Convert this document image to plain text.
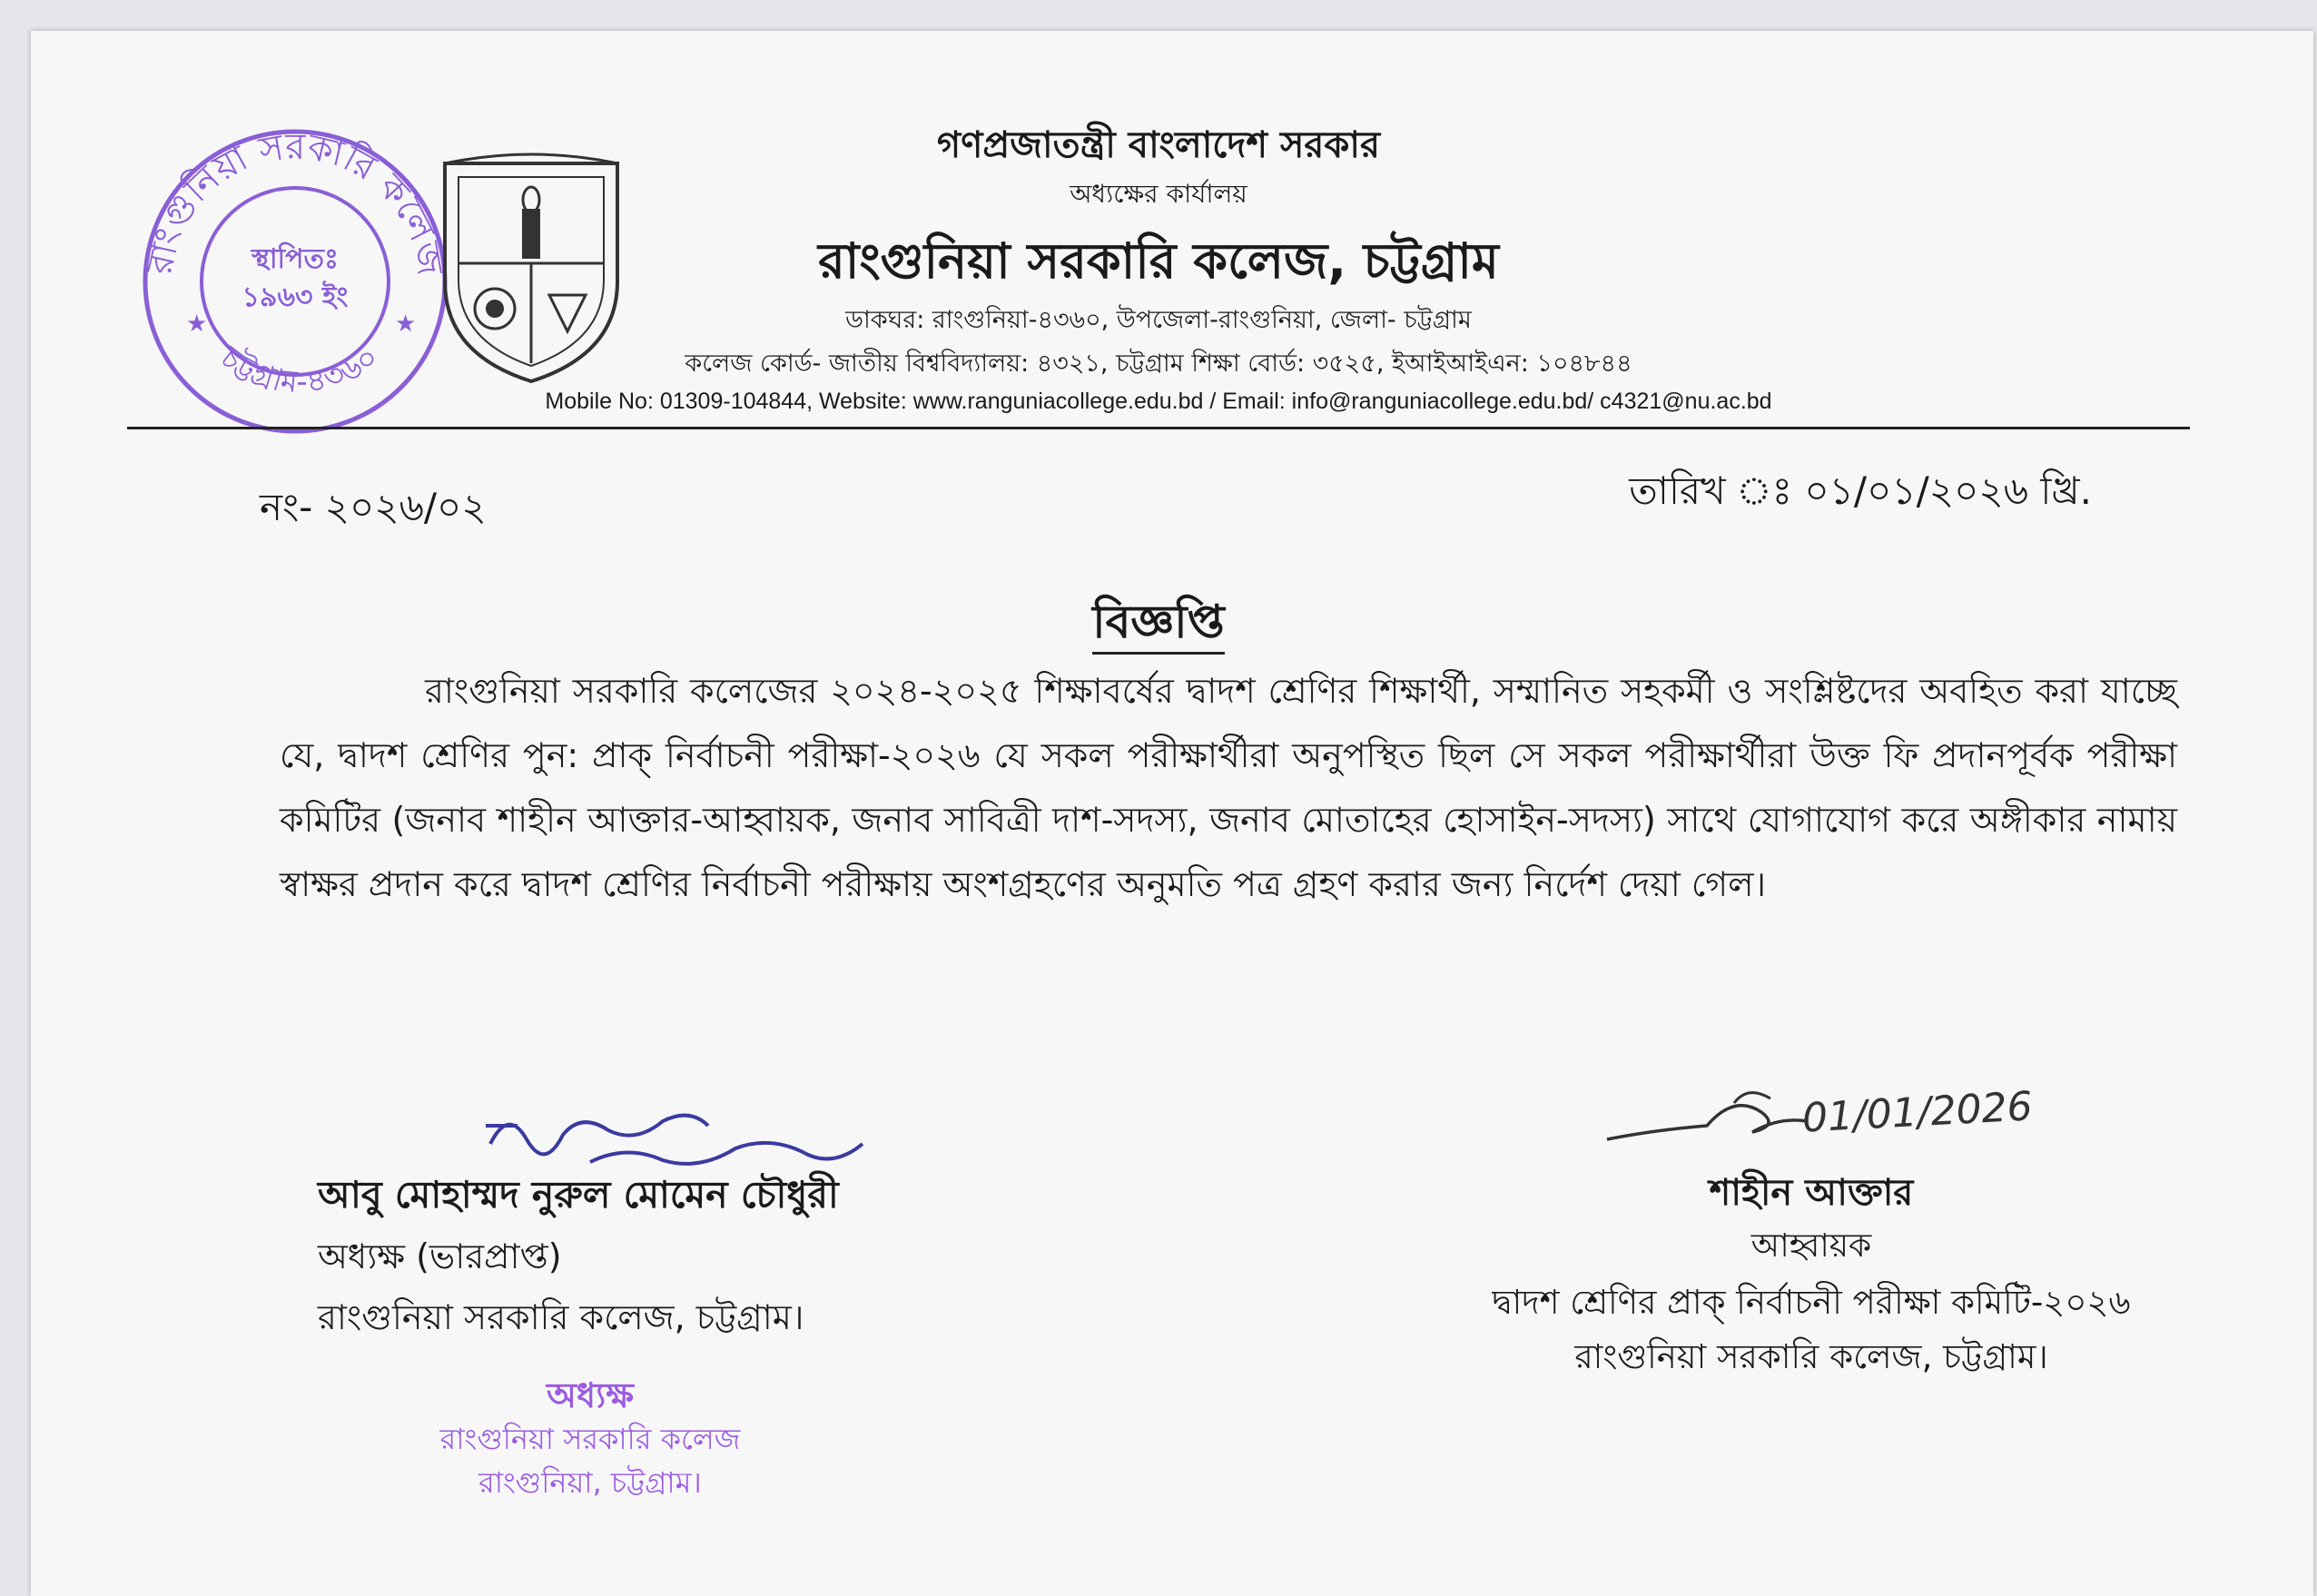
রাংগুনিয়া সরকারি কলেজ
চট্টগ্রাম-৪৩৬০
স্থাপিতঃ
১৯৬৩ ইং
★	★
গণপ্রজাতন্ত্রী বাংলাদেশ সরকার
অধ্যক্ষের কার্যালয়
রাংগুনিয়া সরকারি কলেজ, চট্টগ্রাম
ডাকঘর: রাংগুনিয়া-৪৩৬০, উপজেলা-রাংগুনিয়া, জেলা- চট্টগ্রাম
কলেজ কোর্ড- জাতীয় বিশ্ববিদ্যালয়: ৪৩২১, চট্টগ্রাম শিক্ষা বোর্ড: ৩৫২৫, ইআইআইএন: ১০৪৮৪৪
Mobile No: 01309-104844, Website: www.ranguniacollege.edu.bd / Email: info@ranguniacollege.edu.bd/ c4321@nu.ac.bd
নং- ২০২৬/০২	তারিখ ঃ ০১/০১/২০২৬ খ্রি.
বিজ্ঞপ্তি
রাংগুনিয়া সরকারি কলেজের ২০২৪-২০২৫ শিক্ষাবর্ষের দ্বাদশ শ্রেণির শিক্ষার্থী, সম্মানিত সহকর্মী ও সংশ্লিষ্টদের অবহিত করা যাচ্ছে যে, দ্বাদশ শ্রেণির পুন: প্রাক্ নির্বাচনী পরীক্ষা-২০২৬ যে সকল পরীক্ষার্থীরা অনুপস্থিত ছিল সে সকল পরীক্ষার্থীরা উক্ত ফি প্রদানপূর্বক পরীক্ষা কমিটির (জনাব শাহীন আক্তার-আহ্বায়ক, জনাব সাবিত্রী দাশ-সদস্য, জনাব মোতাহের হোসাইন-সদস্য) সাথে যোগাযোগ করে অঙ্গীকার নামায় স্বাক্ষর প্রদান করে দ্বাদশ শ্রেণির নির্বাচনী পরীক্ষায় অংশগ্রহণের অনুমতি পত্র গ্রহণ করার জন্য নির্দেশ দেয়া গেল।
আবু মোহাম্মদ নুরুল মোমেন চৌধুরী
অধ্যক্ষ (ভারপ্রাপ্ত)
রাংগুনিয়া সরকারি কলেজ, চট্টগ্রাম।
অধ্যক্ষ
রাংগুনিয়া সরকারি কলেজ
রাংগুনিয়া, চট্টগ্রাম।
01/01/2026
শাহীন আক্তার
আহ্বায়ক
দ্বাদশ শ্রেণির প্রাক্ নির্বাচনী পরীক্ষা কমিটি-২০২৬
রাংগুনিয়া সরকারি কলেজ, চট্টগ্রাম।
